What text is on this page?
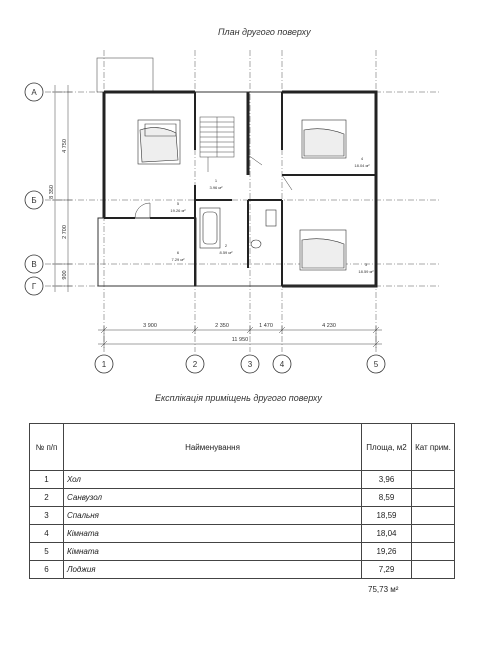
План другого поверху
А
Б
В
Г
1	2	3	4	5
8 350
4 750
2 700
900
3 900	2 350	1 470	4 230
11 950
1
3.96 м²
2
8.59 м²
3
18.59 м²
4
18.04 м²
5
19.26 м²
6
7.29 м²
Експлікація приміщень другого поверху
№ п/п	Найменування	Площа, м2	Кат прим.
1	Хол	3,96	
2	Санвузол	8,59	
3	Спальня	18,59	
4	Кімната	18,04	
5	Кімната	19,26	
6	Лоджия	7,29	
75,73 м²
